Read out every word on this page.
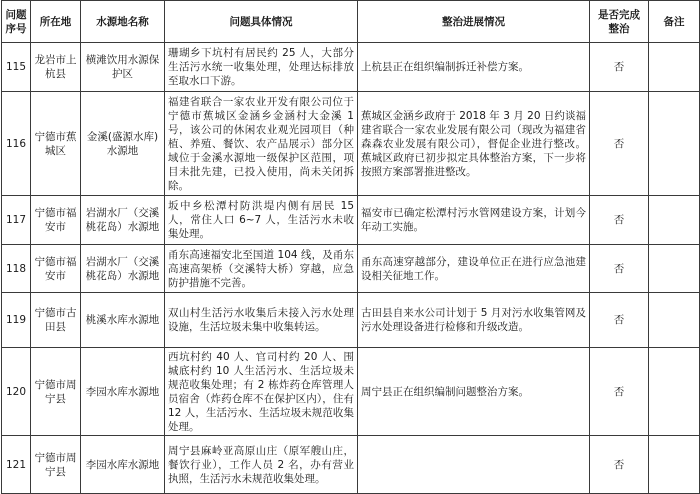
问题序号	所在地	水源地名称	问题具体情况	整治进展情况	是否完成整治	备注
115	龙岩市上杭县	横滩饮用水源保护区	珊瑚乡下坑村有居民约 25 人，大部分生活污水统一收集处理，处理达标排放至取水口下游。	上杭县正在组织编制拆迁补偿方案。	否	
116	宁德市蕉城区	金溪(盛源水库)水源地	福建省联合一家农业开发有限公司位于宁德市蕉城区金涵乡金涵村大金溪 1 号，该公司的休闲农业观光园项目（种植、养殖、餐饮、农产品展示）部分区域位于金溪水源地一级保护区范围，项目未批先建，已投入使用，尚未关闭拆除。	蕉城区金涵乡政府于 2018 年 3 月 20 日约谈福建省联合一家农业发展有限公司（现改为福建省森森农业发展有限公司），督促企业进行整改。蕉城区政府已初步拟定具体整治方案，下一步将按照方案部署推进整改。	否	
117	宁德市福安市	岩湖水厂（交溪桃花岛）水源地	坂中乡松潭村防洪堤内侧有居民 15 人，常住人口 6~7 人，生活污水未收集处理。	福安市已确定松潭村污水管网建设方案，计划今年动工实施。	否	
118	宁德市福安市	岩湖水厂（交溪桃花岛）水源地	甬东高速福安北至国道 104 线，及甬东高速高架桥（交溪特大桥）穿越，应急防护措施不完善。	甬东高速穿越部分，建设单位正在进行应急池建设相关征地工作。	否	
119	宁德市古田县	桃溪水库水源地	双山村生活污水收集后未接入污水处理设施，生活垃圾未集中收集转运。	古田县自来水公司计划于 5 月对污水收集管网及污水处理设备进行检修和升级改造。	否	
120	宁德市周宁县	李园水库水源地	西坑村约 40 人、官司村约 20 人、围城底村约 10 人生活污水、生活垃圾未规范收集处理；有 2 栋炸药仓库管理人员宿舍（炸药仓库不在保护区内），住有 12 人，生活污水、生活垃圾未规范收集处理。	周宁县正在组织编制问题整治方案。	否	
121	宁德市周宁县	李园水库水源地	周宁县麻岭亚高原山庄（原军艘山庄，餐饮行业），工作人员 2 名，办有营业执照，生活污水未规范收集处理。		否	
